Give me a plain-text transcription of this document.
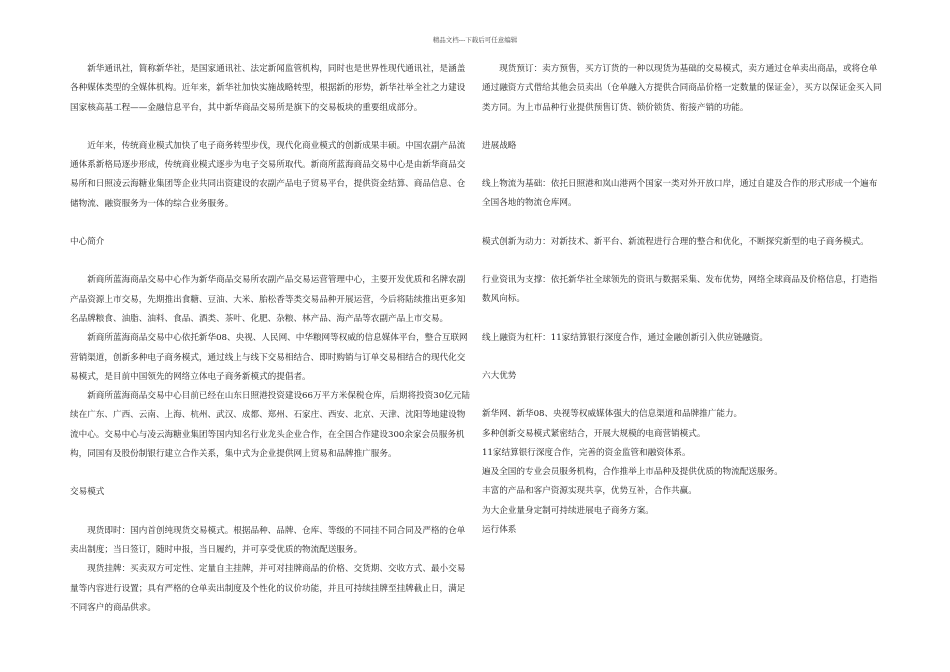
精品文档---下载后可任意编辑

新华通讯社，简称新华社，是国家通讯社、法定新闻监管机构，同时也是世界性现代通讯社，是涵盖各种媒体类型的全媒体机构。近年来，新华社加快实施战略转型，根据新的形势，新华社举全社之力建设国家核高基工程——金融信息平台，其中新华商品交易所是旗下的交易板块的重要组成部分。

近年来，传统商业模式加快了电子商务转型步伐，现代化商业模式的创新成果丰硕。中国农副产品流通体系新格局逐步形成，传统商业模式逐步为电子交易所取代。新商所蓝海商品交易中心是由新华商品交易所和日照凌云海糖业集团等企业共同出资建设的农副产品电子贸易平台，提供资金结算、商品信息、仓储物流、融资服务为一体的综合业务服务。

中心简介

新商所蓝海商品交易中心作为新华商品交易所农副产品交易运营管理中心，主要开发优质和名牌农副产品资源上市交易，先期推出食糖、豆油、大米、胎松香等类交易品种开展运营，今后将陆续推出更多知名品牌粮食、油脂、油料、食品、酒类、茶叶、化肥、杂粮、林产品、海产品等农副产品上市交易。

新商所蓝海商品交易中心依托新华08、央视、人民网、中华粮网等权威的信息媒体平台，整合互联网营销渠道，创新多种电子商务模式，通过线上与线下交易相结合、即时购销与订单交易相结合的现代化交易模式，是目前中国领先的网络立体电子商务新模式的提倡者。

新商所蓝海商品交易中心目前已经在山东日照港投资建设66万平方米保税仓库，后期将投资30亿元陆续在广东、广西、云南、上海、杭州、武汉、成都、郑州、石家庄、西安、北京、天津、沈阳等地建设物流中心。交易中心与凌云海糖业集团等国内知名行业龙头企业合作，在全国合作建设300余家会员服务机构，同国有及股份制银行建立合作关系，集中式为企业提供网上贸易和品牌推广服务。

交易模式

现货即时：国内首创纯现货交易模式。根据品种、品牌、仓库、等级的不同挂不同合同及严格的仓单卖出制度；当日签订，随时申报，当日履约，并可享受优质的物流配送服务。

现货挂牌：买卖双方可定性、定量自主挂牌，并可对挂牌商品的价格、交货期、交收方式、最小交易量等内容进行设置；具有严格的仓单卖出制度及个性化的议价功能，并且可持续挂牌至挂牌截止日，满足不同客户的商品供求。

现货预订：卖方预售，买方订货的一种以现货为基础的交易模式，卖方通过仓单卖出商品，或将仓单通过融资方式借给其他会员卖出（仓单融入方提供合同商品价格一定数量的保证金），买方以保证金买入同类方同。为上市品种行业提供预售订货、锁价锁货、衔接产销的功能。

进展战略

线上物流为基础：依托日照港和岚山港两个国家一类对外开放口岸，通过自建及合作的形式形成一个遍布全国各地的物流仓库网。

模式创新为动力：对新技术、新平台、新流程进行合理的整合和优化，不断探究新型的电子商务模式。

行业资讯为支撑：依托新华社全球领先的资讯与数据采集、发布优势，网络全球商品及价格信息，打造指数风向标。

线上融资为杠杆：11家结算银行深度合作，通过金融创新引入供应链融资。

六大优势

新华网、新华08、央视等权威媒体强大的信息渠道和品牌推广能力。

多种创新交易模式紧密结合，开展大规模的电商营销模式。

11家结算银行深度合作，完善的资金监管和融资体系。

遍及全国的专业会员服务机构，合作推举上市品种及提供优质的物流配送服务。

丰富的产品和客户资源实现共享，优势互补，合作共赢。

为大企业量身定制可持续进展电子商务方案。

运行体系
